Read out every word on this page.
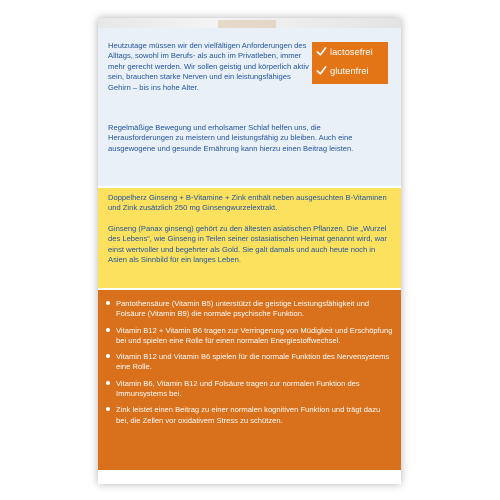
Heutzutage müssen wir den vielfältigen Anforderungen des Alltags, sowohl im Berufs- als auch im Privatleben, immer mehr gerecht werden. Wir sollen geistig und körperlich aktiv sein, brauchen starke Nerven und ein leistungsfähiges Gehirn – bis ins hohe Alter.
Regelmäßige Bewegung und erholsamer Schlaf helfen uns, die Herausforderungen zu meistern und leistungsfähig zu bleiben. Auch eine ausgewogene und gesunde Ernährung kann hierzu einen Beitrag leisten.
lactosefrei
glutenfrei
Doppelherz Ginseng + B-Vitamine + Zink enthält neben ausgesuchten B-Vitaminen und Zink zusätzlich 250 mg Ginsengwurzelextrakt.
Ginseng (Panax ginseng) gehört zu den ältesten asiatischen Pflanzen. Die „Wurzel des Lebens“, wie Ginseng in Teilen seiner ostasiatischen Heimat genannt wird, war einst wertvoller und begehrter als Gold. Sie galt damals und auch heute noch in Asien als Sinnbild für ein langes Leben.
Pantothensäure (Vitamin B5) unterstützt die geistige Leistungsfähigkeit und Folsäure (Vitamin B9) die normale psychische Funktion.
Vitamin B12 + Vitamin B6 tragen zur Verringerung von Müdigkeit und Erschöpfung bei und spielen eine Rolle für einen normalen Energiestoffwechsel.
Vitamin B12 und Vitamin B6 spielen für die normale Funktion des Nervensystems eine Rolle.
Vitamin B6, Vitamin B12 und Folsäure tragen zur normalen Funktion des Immunsystems bei.
Zink leistet einen Beitrag zu einer normalen kognitiven Funktion und trägt dazu bei, die Zellen vor oxidativem Stress zu schützen.
